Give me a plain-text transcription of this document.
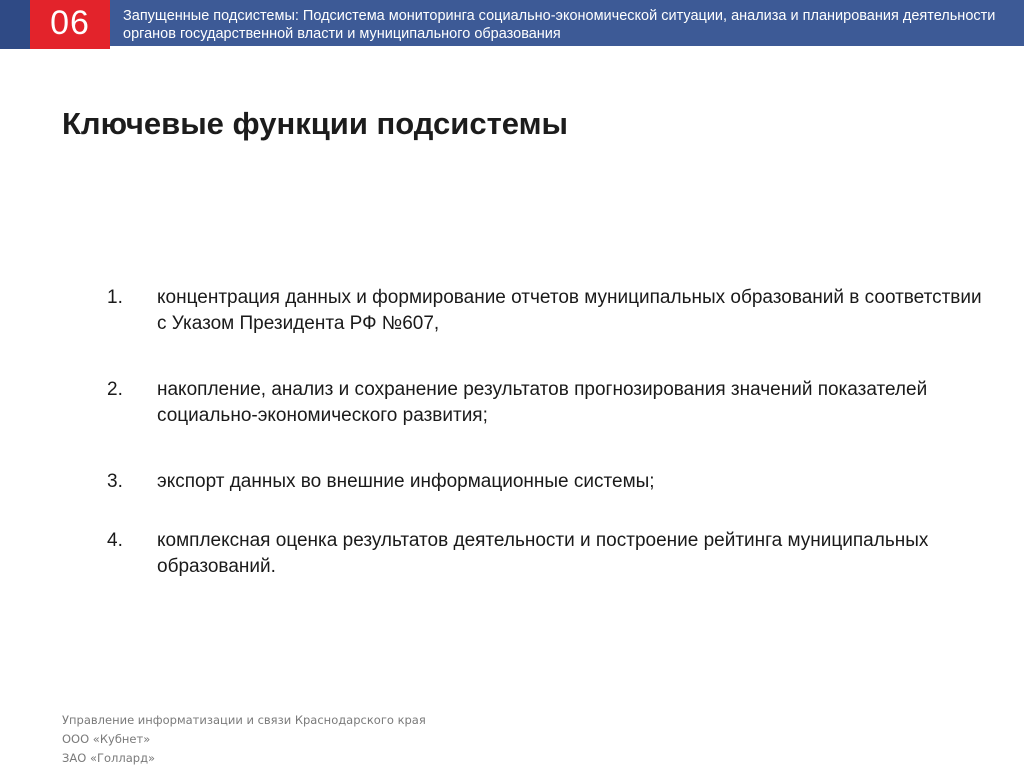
06 Запущенные подсистемы: Подсистема мониторинга социально-экономической ситуации, анализа и планирования деятельности органов государственной власти и муниципального образования

Ключевые функции подсистемы
1. концентрация данных и формирование отчетов муниципальных образований в соответствии с Указом Президента РФ №607,
2. накопление, анализ и сохранение результатов прогнозирования значений показателей социально-экономического развития;
3. экспорт данных во внешние информационные системы;
4. комплексная оценка результатов деятельности и построение рейтинга муниципальных образований.
Управление информатизации и связи Краснодарского края
ООО «Кубнет»
ЗАО «Голлард»
